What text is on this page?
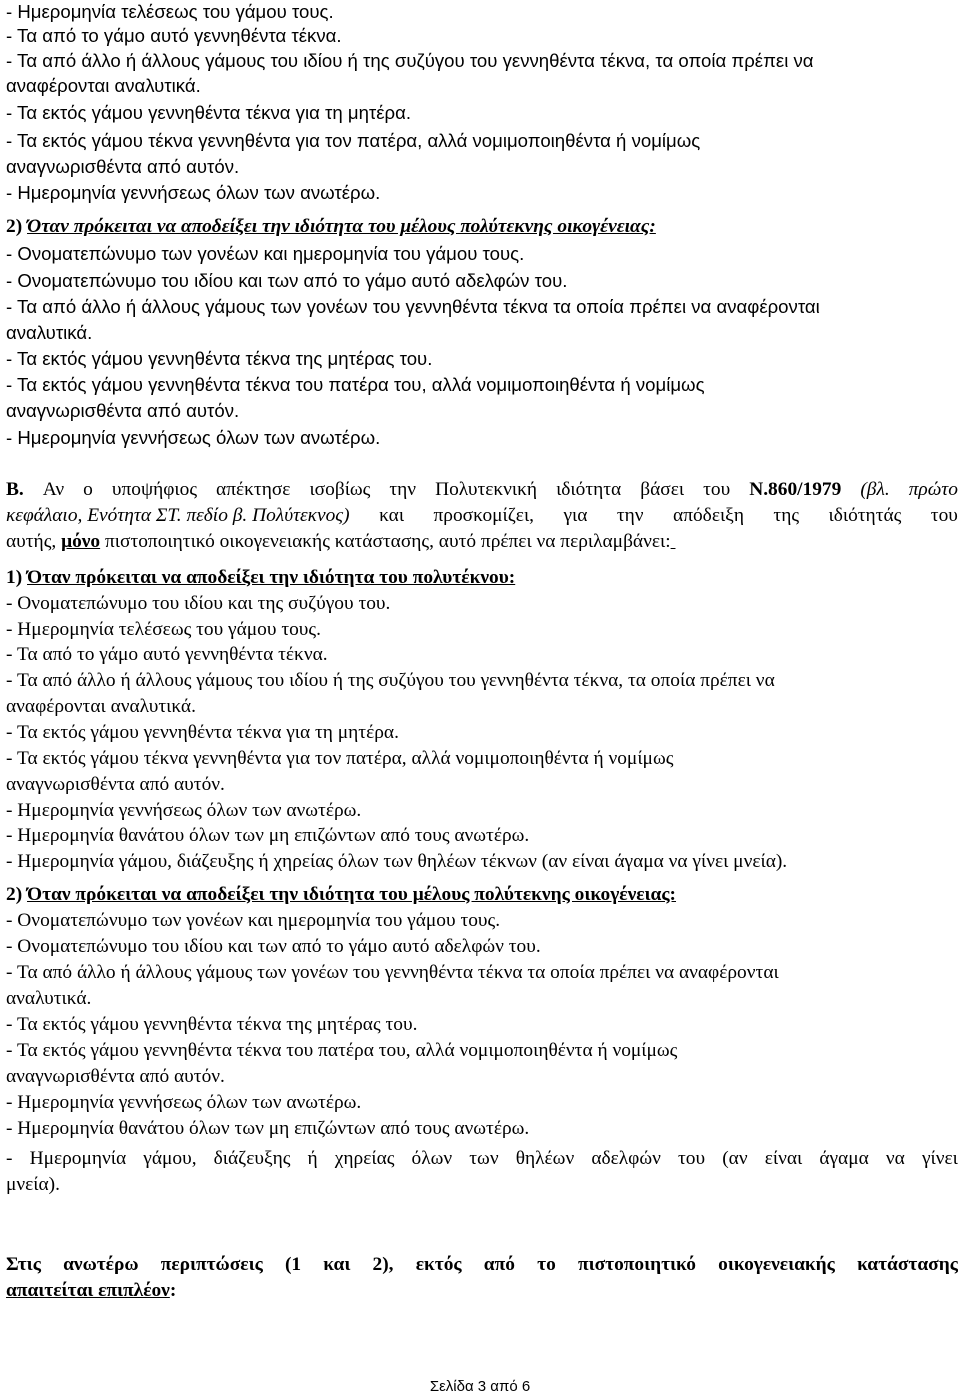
- Ημερομηνία τελέσεως του γάμου τους.
- Τα από το γάμο αυτό γεννηθέντα τέκνα.
- Τα από άλλο ή άλλους γάμους του ιδίου ή της συζύγου του γεννηθέντα τέκνα, τα οποία πρέπει να
αναφέρονται αναλυτικά.
- Τα εκτός γάμου γεννηθέντα τέκνα για τη μητέρα.
- Τα εκτός γάμου τέκνα γεννηθέντα για τον πατέρα, αλλά νομιμοποιηθέντα ή νομίμως
αναγνωρισθέντα από αυτόν.
- Ημερομηνία γεννήσεως όλων των ανωτέρω.
2) Όταν πρόκειται να αποδείξει την ιδιότητα του μέλους πολύτεκνης οικογένειας:
- Ονοματεπώνυμο των γονέων και ημερομηνία του γάμου τους.
- Ονοματεπώνυμο του ιδίου και των από το γάμο αυτό αδελφών του.
- Τα από άλλο ή άλλους γάμους των γονέων του γεννηθέντα τέκνα τα οποία πρέπει να αναφέρονται
αναλυτικά.
- Τα εκτός γάμου γεννηθέντα τέκνα της μητέρας του.
- Τα εκτός γάμου γεννηθέντα τέκνα του πατέρα του, αλλά νομιμοποιηθέντα ή νομίμως
αναγνωρισθέντα από αυτόν.
- Ημερομηνία γεννήσεως όλων των ανωτέρω.
Β. Αν ο υποψήφιος απέκτησε ισοβίως την Πολυτεκνική ιδιότητα βάσει του Ν.860/1979 (βλ. πρώτο
κεφάλαιο, Ενότητα ΣΤ. πεδίο β. Πολύτεκνος) και προσκομίζει, για την απόδειξη της ιδιότητάς του
αυτής, μόνο πιστοποιητικό οικογενειακής κατάστασης, αυτό πρέπει να περιλαμβάνει:
1) Όταν πρόκειται να αποδείξει την ιδιότητα του πολυτέκνου:
- Ονοματεπώνυμο του ιδίου και της συζύγου του.
- Ημερομηνία τελέσεως του γάμου τους.
- Τα από το γάμο αυτό γεννηθέντα τέκνα.
- Τα από άλλο ή άλλους γάμους του ιδίου ή της συζύγου του γεννηθέντα τέκνα, τα οποία πρέπει να
αναφέρονται αναλυτικά.
- Τα εκτός γάμου γεννηθέντα τέκνα για τη μητέρα.
- Τα εκτός γάμου τέκνα γεννηθέντα για τον πατέρα, αλλά νομιμοποιηθέντα ή νομίμως
αναγνωρισθέντα από αυτόν.
- Ημερομηνία γεννήσεως όλων των ανωτέρω.
- Ημερομηνία θανάτου όλων των μη επιζώντων από τους ανωτέρω.
- Ημερομηνία γάμου, διάζευξης ή χηρείας όλων των θηλέων τέκνων (αν είναι άγαμα να γίνει μνεία).
2) Όταν πρόκειται να αποδείξει την ιδιότητα του μέλους πολύτεκνης οικογένειας:
- Ονοματεπώνυμο των γονέων και ημερομηνία του γάμου τους.
- Ονοματεπώνυμο του ιδίου και των από το γάμο αυτό αδελφών του.
- Τα από άλλο ή άλλους γάμους των γονέων του γεννηθέντα τέκνα τα οποία πρέπει να αναφέρονται
αναλυτικά.
- Τα εκτός γάμου γεννηθέντα τέκνα της μητέρας του.
- Τα εκτός γάμου γεννηθέντα τέκνα του πατέρα του, αλλά νομιμοποιηθέντα ή νομίμως
αναγνωρισθέντα από αυτόν.
- Ημερομηνία γεννήσεως όλων των ανωτέρω.
- Ημερομηνία θανάτου όλων των μη επιζώντων από τους ανωτέρω.
- Ημερομηνία γάμου, διάζευξης ή χηρείας όλων των θηλέων αδελφών του (αν είναι άγαμα να γίνει
μνεία).
Στις ανωτέρω περιπτώσεις (1 και 2), εκτός από το πιστοποιητικό οικογενειακής κατάστασης
απαιτείται επιπλέον:
Σελίδα 3 από 6
